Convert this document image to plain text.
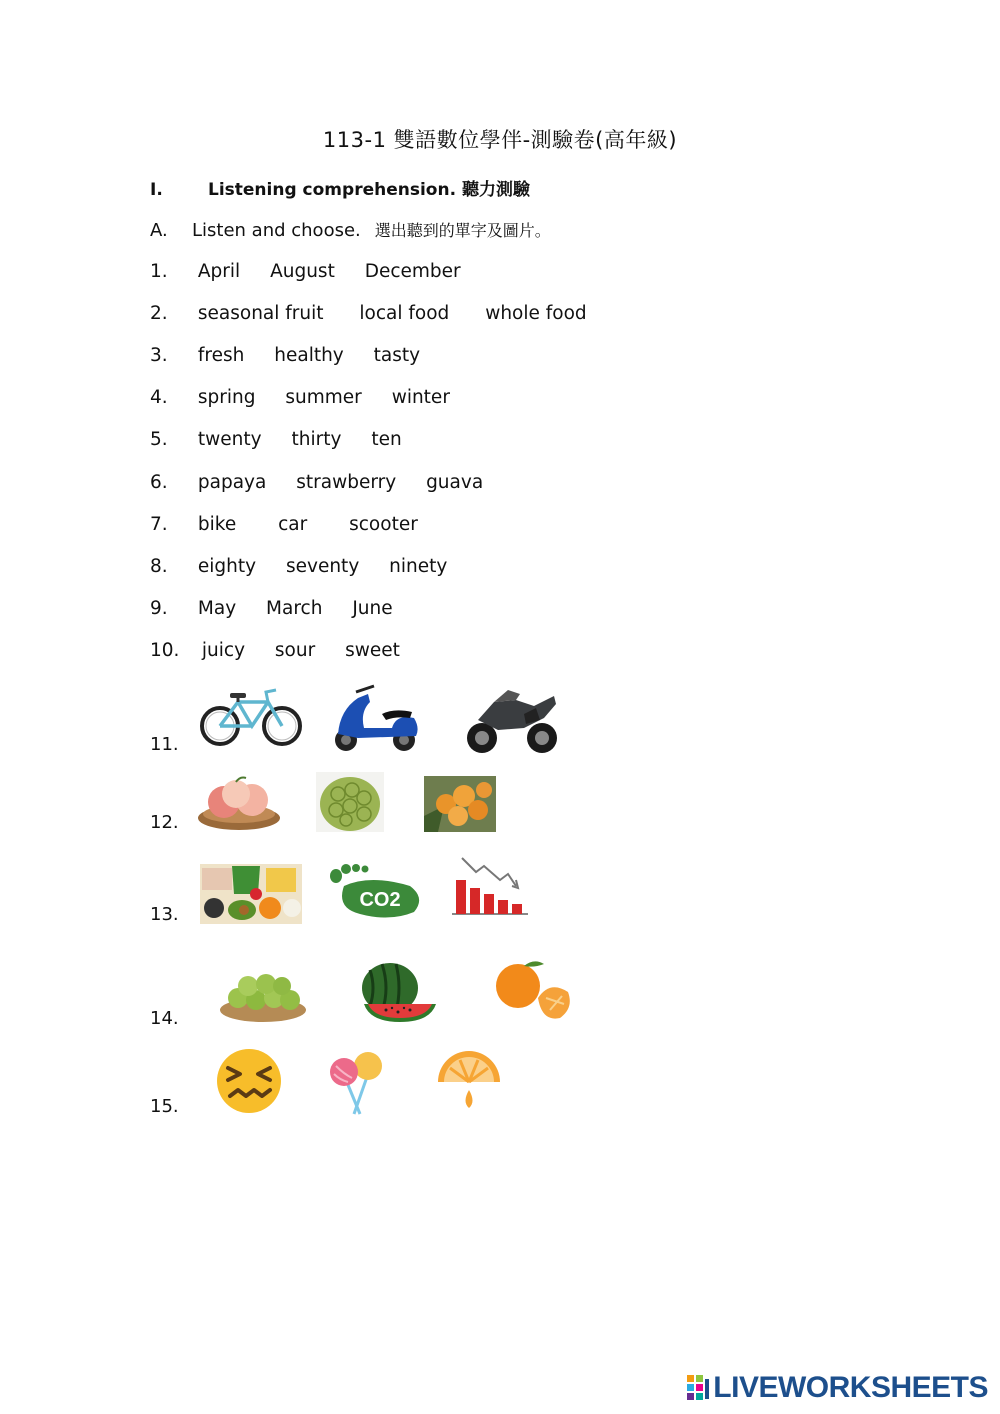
113-1 雙語數位學伴-測驗卷(高年級)
I.	Listening comprehension. 聽力測驗
A. Listen and choose. 選出聽到的單字及圖片。
1. April August December
2. seasonal fruit local food whole food
3. fresh healthy tasty
4. spring summer winter
5. twenty thirty ten
6. papaya strawberry guava
7. bike car scooter
8. eighty seventy ninety
9. May March June
10. juicy sour sweet
11.
12.
13.
14.
15.
CO2
LIVEWORKSHEETS
